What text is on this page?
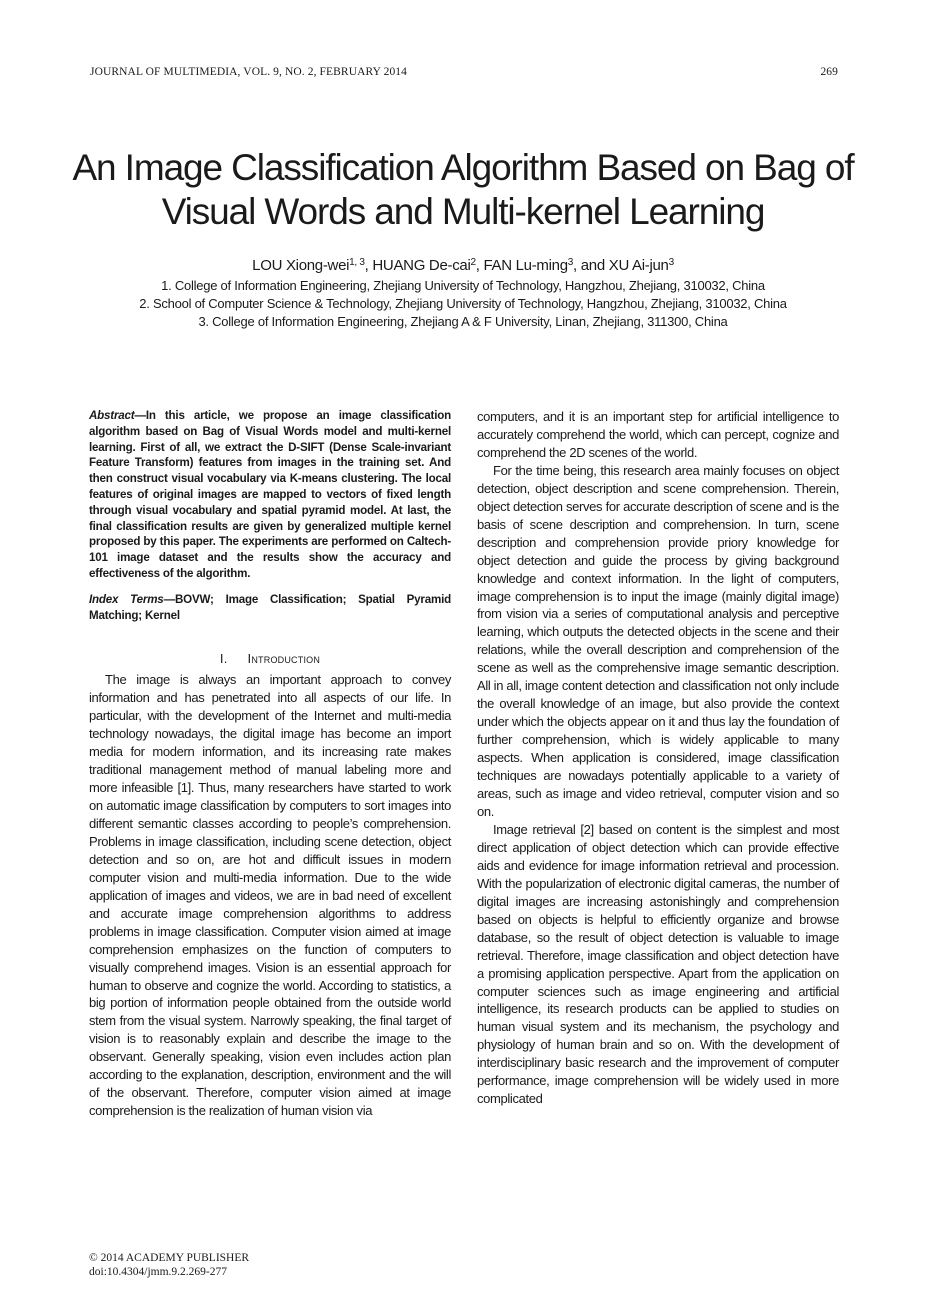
JOURNAL OF MULTIMEDIA, VOL. 9, NO. 2, FEBRUARY 2014	269
An Image Classification Algorithm Based on Bag of Visual Words and Multi-kernel Learning
LOU Xiong-wei$^{1, 3}$, HUANG De-cai$^2$, FAN Lu-ming$^3$, and XU Ai-jun$^3$
1. College of Information Engineering, Zhejiang University of Technology, Hangzhou, Zhejiang, 310032, China
2. School of Computer Science & Technology, Zhejiang University of Technology, Hangzhou, Zhejiang, 310032, China
3. College of Information Engineering, Zhejiang A & F University, Linan, Zhejiang, 311300, China

Abstract—In this article, we propose an image classification algorithm based on Bag of Visual Words model and multi-kernel learning. First of all, we extract the D-SIFT (Dense Scale-invariant Feature Transform) features from images in the training set. And then construct visual vocabulary via K-means clustering. The local features of original images are mapped to vectors of fixed length through visual vocabulary and spatial pyramid model. At last, the final classification results are given by generalized multiple kernel proposed by this paper. The experiments are performed on Caltech-101 image dataset and the results show the accuracy and effectiveness of the algorithm.

Index Terms—BOVW; Image Classification; Spatial Pyramid Matching; Kernel

I. Introduction

The image is always an important approach to convey information and has penetrated into all aspects of our life. In particular, with the development of the Internet and multi-media technology nowadays, the digital image has become an import media for modern information, and its increasing rate makes traditional management method of manual labeling more and more infeasible [1]. Thus, many researchers have started to work on automatic image classification by computers to sort images into different semantic classes according to people’s comprehension. Problems in image classification, including scene detection, object detection and so on, are hot and difficult issues in modern computer vision and multi-media information. Due to the wide application of images and videos, we are in bad need of excellent and accurate image comprehension algorithms to address problems in image classification. Computer vision aimed at image comprehension emphasizes on the function of computers to visually comprehend images. Vision is an essential approach for human to observe and cognize the world. According to statistics, a big portion of information people obtained from the outside world stem from the visual system. Narrowly speaking, the final target of vision is to reasonably explain and describe the image to the observant. Generally speaking, vision even includes action plan according to the explanation, description, environment and the will of the observant. Therefore, computer vision aimed at image comprehension is the realization of human vision via

computers, and it is an important step for artificial intelligence to accurately comprehend the world, which can percept, cognize and comprehend the 2D scenes of the world.

For the time being, this research area mainly focuses on object detection, object description and scene comprehension. Therein, object detection serves for accurate description of scene and is the basis of scene description and comprehension. In turn, scene description and comprehension provide priory knowledge for object detection and guide the process by giving background knowledge and context information. In the light of computers, image comprehension is to input the image (mainly digital image) from vision via a series of computational analysis and perceptive learning, which outputs the detected objects in the scene and their relations, while the overall description and comprehension of the scene as well as the comprehensive image semantic description. All in all, image content detection and classification not only include the overall knowledge of an image, but also provide the context under which the objects appear on it and thus lay the foundation of further comprehension, which is widely applicable to many aspects. When application is considered, image classification techniques are nowadays potentially applicable to a variety of areas, such as image and video retrieval, computer vision and so on.

Image retrieval [2] based on content is the simplest and most direct application of object detection which can provide effective aids and evidence for image information retrieval and procession. With the popularization of electronic digital cameras, the number of digital images are increasing astonishingly and comprehension based on objects is helpful to efficiently organize and browse database, so the result of object detection is valuable to image retrieval. Therefore, image classification and object detection have a promising application perspective. Apart from the application on computer sciences such as image engineering and artificial intelligence, its research products can be applied to studies on human visual system and its mechanism, the psychology and physiology of human brain and so on. With the development of interdisciplinary basic research and the improvement of computer performance, image comprehension will be widely used in more complicated

© 2014 ACADEMY PUBLISHER
doi:10.4304/jmm.9.2.269-277
